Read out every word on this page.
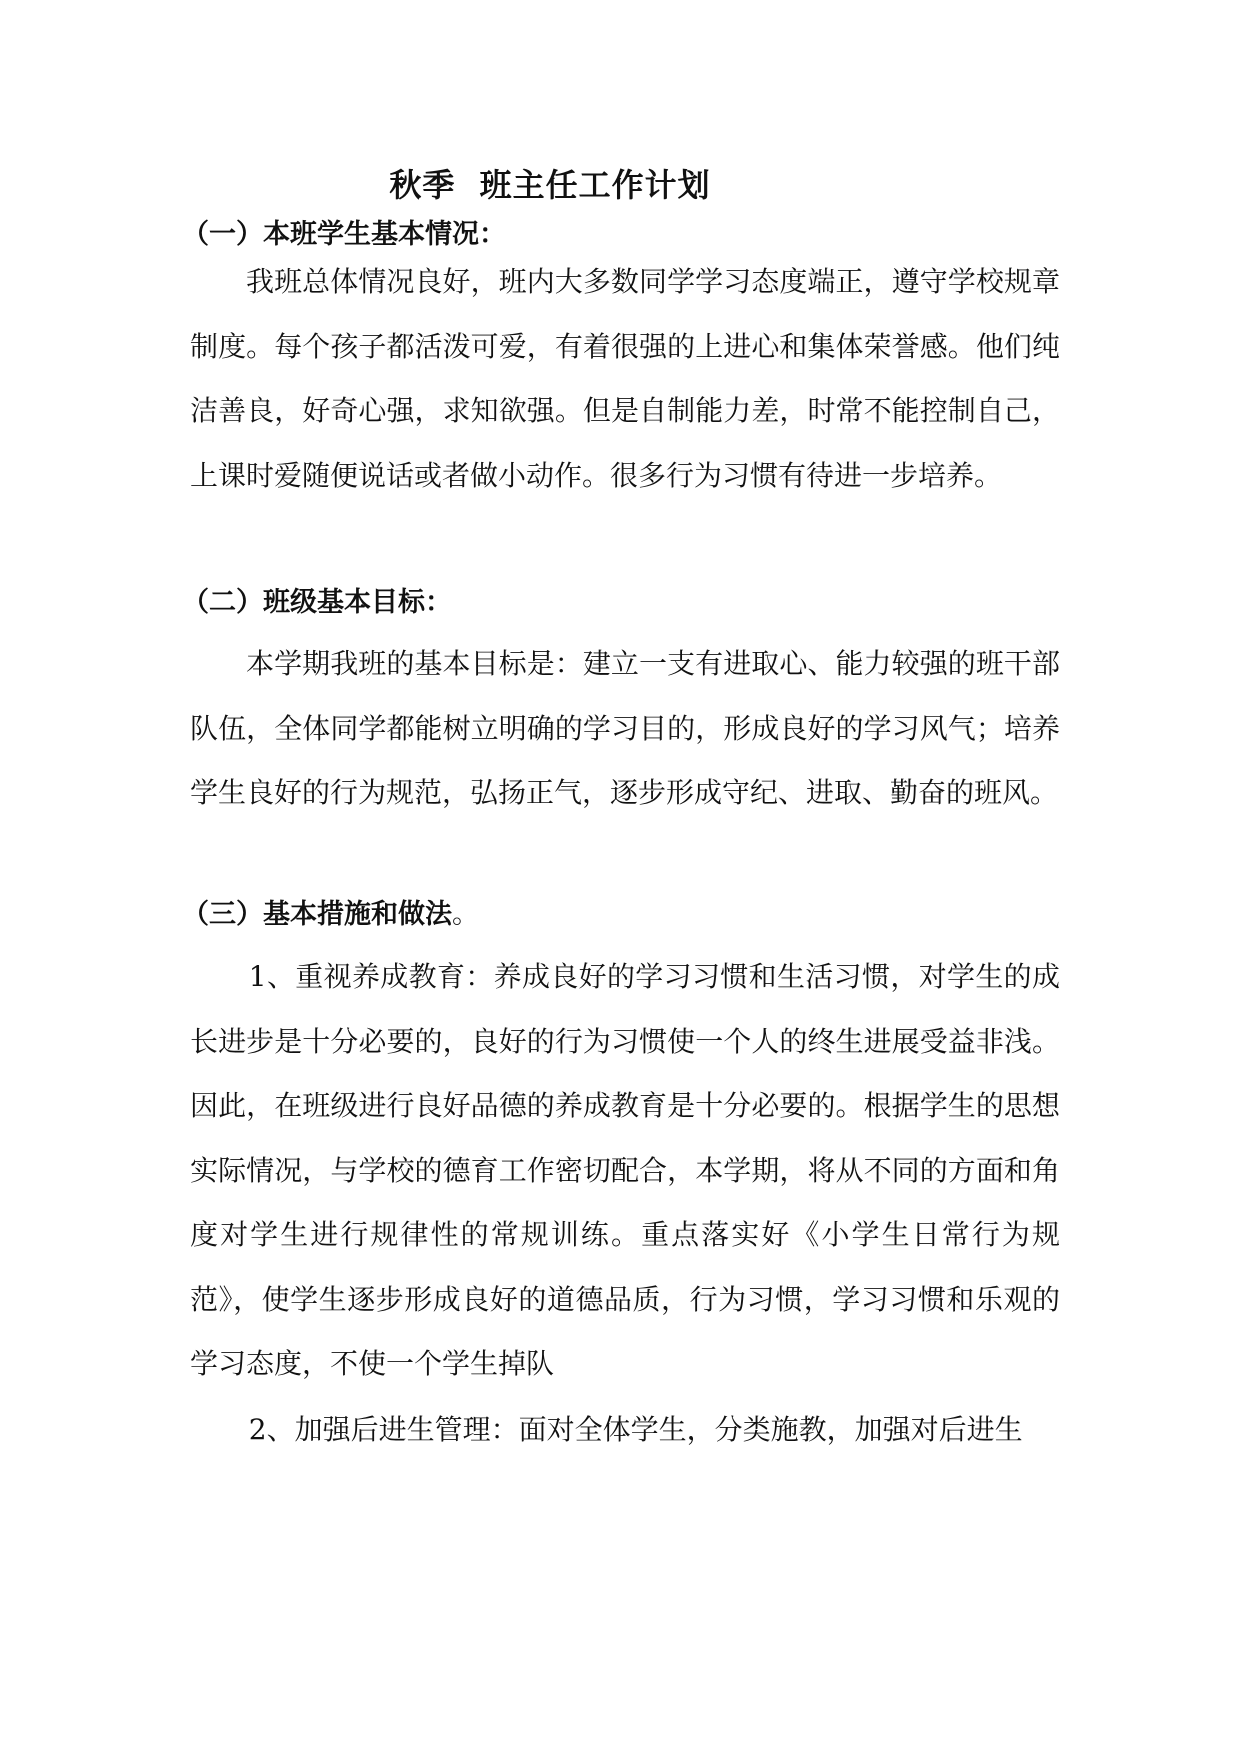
秋季  班主任工作计划
（一）本班学生基本情况：

我班总体情况良好，班内大多数同学学习态度端正，遵守学校规章制度。每个孩子都活泼可爱，有着很强的上进心和集体荣誉感。他们纯洁善良，好奇心强，求知欲强。但是自制能力差，时常不能控制自己，上课时爱随便说话或者做小动作。很多行为习惯有待进一步培养。

（二）班级基本目标：

本学期我班的基本目标是：建立一支有进取心、能力较强的班干部队伍，全体同学都能树立明确的学习目的，形成良好的学习风气；培养学生良好的行为规范，弘扬正气，逐步形成守纪、进取、勤奋的班风。

（三）基本措施和做法。

1、重视养成教育：养成良好的学习习惯和生活习惯，对学生的成长进步是十分必要的，良好的行为习惯使一个人的终生进展受益非浅。因此，在班级进行良好品德的养成教育是十分必要的。根据学生的思想实际情况，与学校的德育工作密切配合，本学期，将从不同的方面和角度对学生进行规律性的常规训练。重点落实好《小学生日常行为规范》，使学生逐步形成良好的道德品质，行为习惯，学习习惯和乐观的学习态度，不使一个学生掉队

2、加强后进生管理：面对全体学生，分类施教，加强对后进生
